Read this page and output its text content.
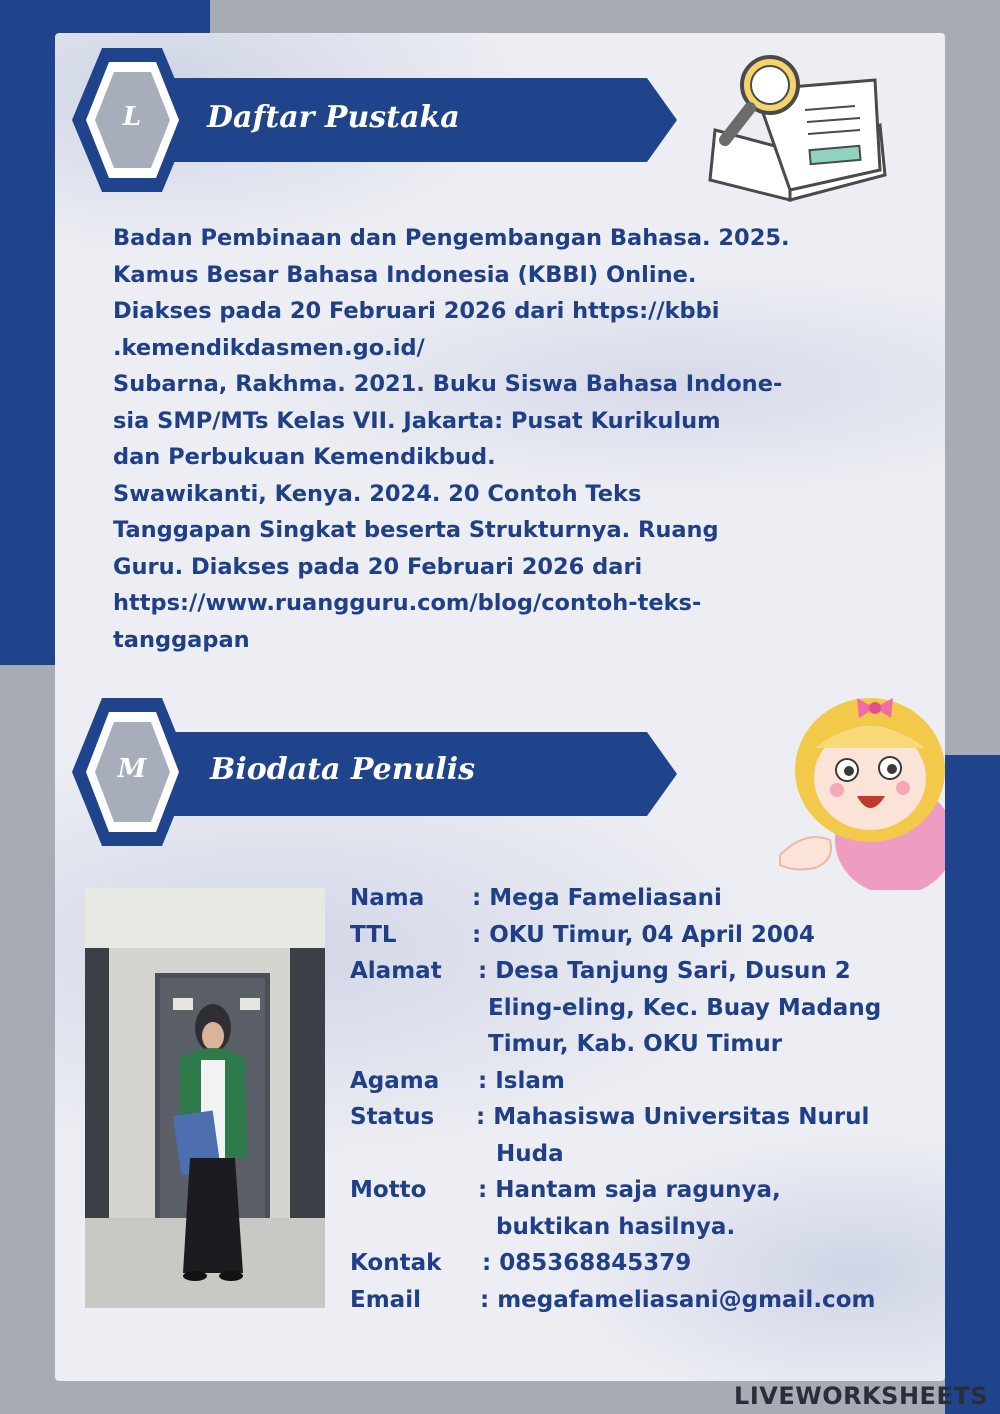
L	Daftar Pustaka
Badan Pembinaan dan Pengembangan Bahasa. 2025.
Kamus Besar Bahasa Indonesia (KBBI) Online.
Diakses pada 20 Februari 2026 dari https://kbbi
.kemendikdasmen.go.id/
Subarna, Rakhma. 2021. Buku Siswa Bahasa Indone-
sia SMP/MTs Kelas VII. Jakarta: Pusat Kurikulum
dan Perbukuan Kemendikbud.
Swawikanti, Kenya. 2024. 20 Contoh Teks
Tanggapan Singkat beserta Strukturnya. Ruang
Guru. Diakses pada 20 Februari 2026 dari
https://www.ruangguru.com/blog/contoh-teks-
tanggapan
M	Biodata Penulis
Nama : Mega Fameliasani
TTL	: OKU Timur, 04 April 2004
Alamat : Desa Tanjung Sari, Dusun 2
Eling-eling, Kec. Buay Madang
Timur, Kab. OKU Timur
Agama : Islam
Status : Mahasiswa Universitas Nurul
Huda
Motto : Hantam saja ragunya,
buktikan hasilnya.
Kontak : 085368845379
Email	: megafameliasani@gmail.com
LIVEWORKSHEETS
